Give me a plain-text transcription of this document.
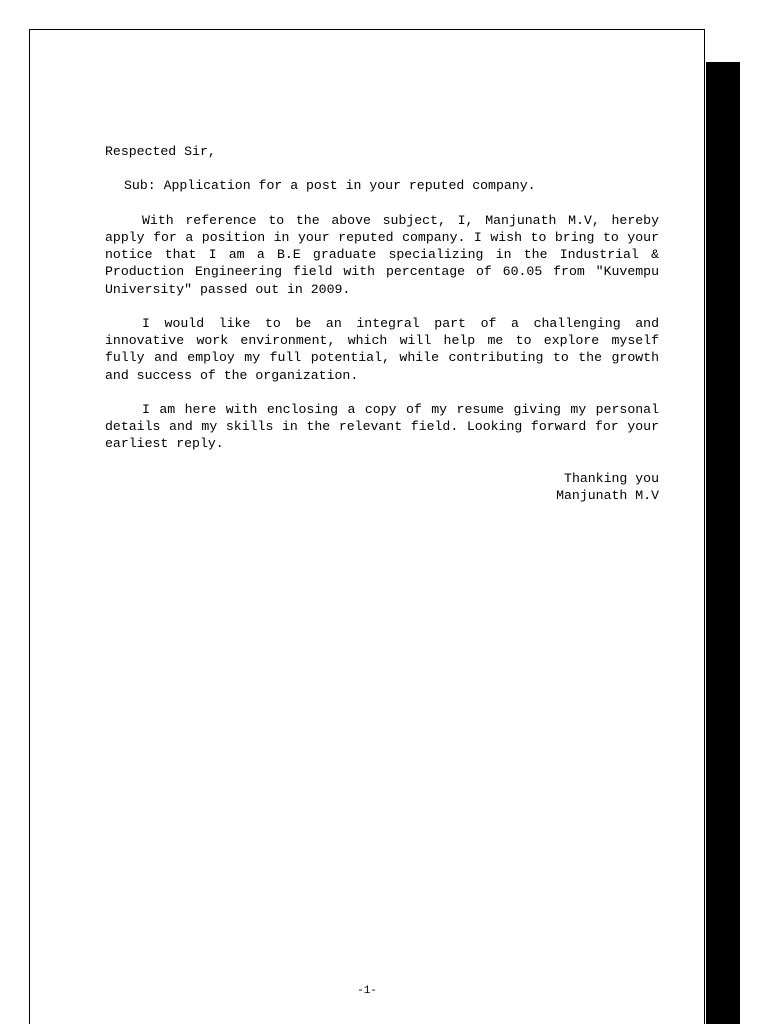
Respected Sir,

Sub: Application for a post in your reputed company.

With reference to the above subject, I, Manjunath M.V, hereby apply for a position in your reputed company. I wish to bring to your notice that I am a B.E graduate specializing in the Industrial & Production Engineering field with percentage of 60.05 from "Kuvempu University" passed out in 2009.

I would like to be an integral part of a challenging and innovative work environment, which will help me to explore myself fully and employ my full potential, while contributing to the growth and success of the organization.

I am here with enclosing a copy of my resume giving my personal details and my skills in the relevant field. Looking forward for your earliest reply.

Thanking you

Manjunath M.V

-1-
